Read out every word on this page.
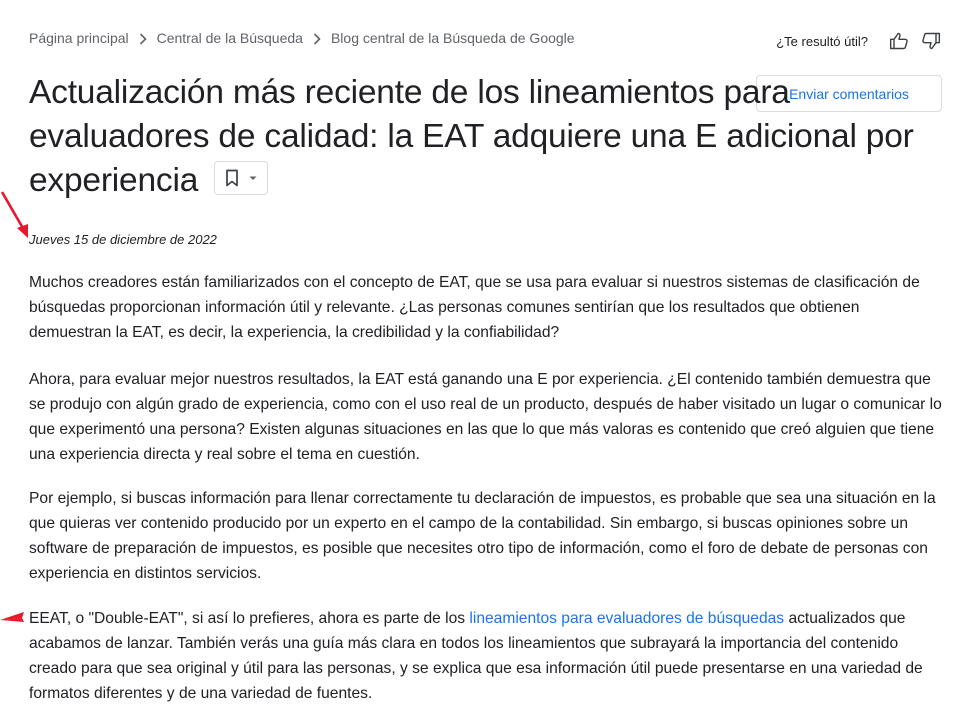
Página principal Central de la Búsqueda Blog central de la Búsqueda de Google	¿Te resultó útil?
Enviar comentarios
Actualización más reciente de los lineamientos para evaluadores de calidad: la EAT adquiere una E adicional por experiencia
Jueves 15 de diciembre de 2022

Muchos creadores están familiarizados con el concepto de EAT, que se usa para evaluar si nuestros sistemas de clasificación de búsquedas proporcionan información útil y relevante. ¿Las personas comunes sentirían que los resultados que obtienen demuestran la EAT, es decir, la experiencia, la credibilidad y la confiabilidad?

Ahora, para evaluar mejor nuestros resultados, la EAT está ganando una E por experiencia. ¿El contenido también demuestra que se produjo con algún grado de experiencia, como con el uso real de un producto, después de haber visitado un lugar o comunicar lo que experimentó una persona? Existen algunas situaciones en las que lo que más valoras es contenido que creó alguien que tiene una experiencia directa y real sobre el tema en cuestión.

Por ejemplo, si buscas información para llenar correctamente tu declaración de impuestos, es probable que sea una situación en la que quieras ver contenido producido por un experto en el campo de la contabilidad. Sin embargo, si buscas opiniones sobre un software de preparación de impuestos, es posible que necesites otro tipo de información, como el foro de debate de personas con experiencia en distintos servicios.

EEAT, o "Double-EAT", si así lo prefieres, ahora es parte de los lineamientos para evaluadores de búsquedas actualizados que acabamos de lanzar. También verás una guía más clara en todos los lineamientos que subrayará la importancia del contenido creado para que sea original y útil para las personas, y se explica que esa información útil puede presentarse en una variedad de formatos diferentes y de una variedad de fuentes.
